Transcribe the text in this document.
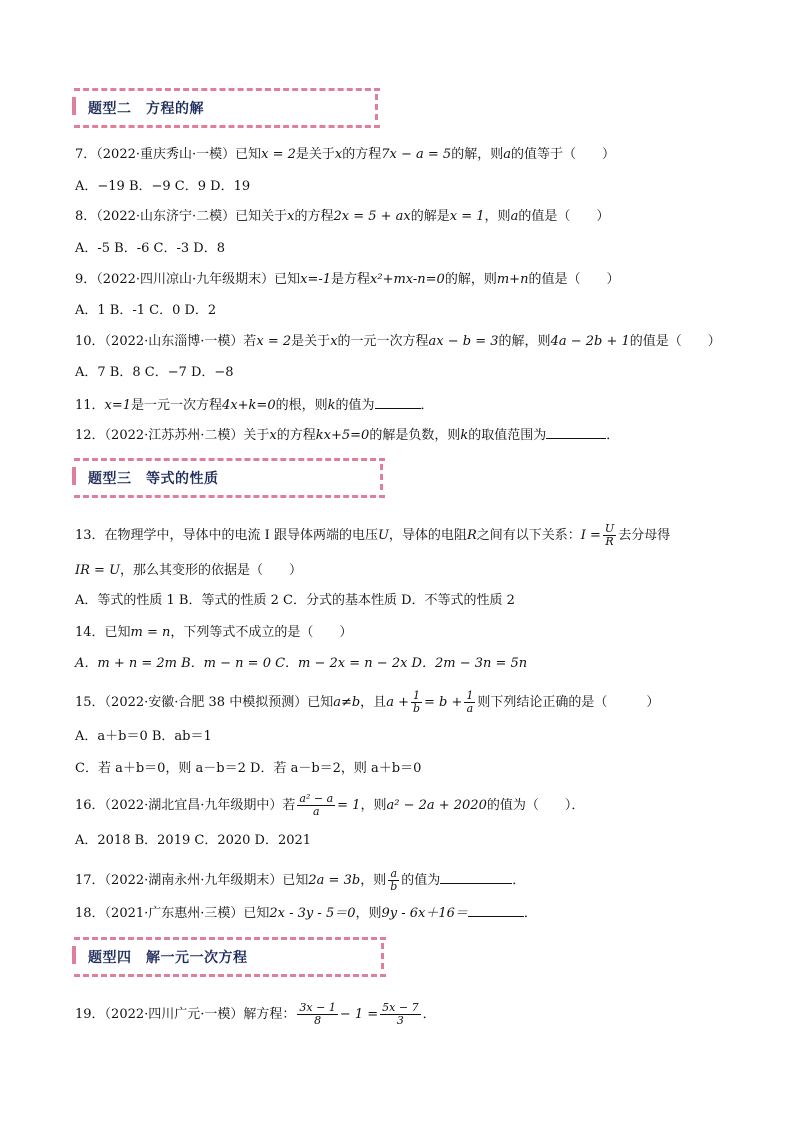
题型二　方程的解
7．（2022·重庆秀山·一模）已知x = 2是关于x的方程7x − a = 5的解，则a的值等于（　　）
A．−19 B．−9 C．9 D．19
8．（2022·山东济宁·二模）已知关于x的方程2x = 5 + ax的解是x = 1，则a的值是（　　）
A．-5 B．-6 C．-3 D．8
9．（2022·四川凉山·九年级期末）已知x=-1是方程x²+mx-n=0的解，则m+n的值是（　　）
A．1 B．-1 C．0 D．2
10．（2022·山东淄博·一模）若x = 2是关于x的一元一次方程ax − b = 3的解，则4a − 2b + 1的值是（　　）
A．7 B．8 C．−7 D．−8
11．x=1是一元一次方程4x+k=0的根，则k的值为	．
12．（2022·江苏苏州·二模）关于x的方程kx+5=0的解是负数，则k的取值范围为	．
题型三　等式的性质
13．在物理学中，导体中的电流 I 跟导体两端的电压U，导体的电阻R之间有以下关系：$I = \frac{U}{R}$ 去分母得
IR = U，那么其变形的依据是（　　）
A．等式的性质 1 B．等式的性质 2 C．分式的基本性质 D．不等式的性质 2
14．已知m = n，下列等式不成立的是（　　）
A．m + n = 2m B．m − n = 0 C．m − 2x = n − 2x D．2m − 3n = 5n
15．（2022·安徽·合肥 38 中模拟预测）已知a≠b，且$a + \frac{1}{b} = b + \frac{1}{a}$ 则下列结论正确的是（　　　）
A．a＋b＝0 B．ab＝1
C．若 a＋b＝0，则 a－b＝2 D．若 a－b＝2，则 a＋b＝0
16．（2022·湖北宜昌·九年级期中）若 $\frac{\text{a² − a}}{a} = 1$，则a² − 2a + 2020的值为（　　）．
A．2018 B．2019 C．2020 D．2021
17．（2022·湖南永州·九年级期末）已知2a = 3b，则 $\frac{a}{b}$ 的值为	．
18．（2021·广东惠州·三模）已知2x - 3y - 5＝0，则9y - 6x＋16＝	．
题型四　解一元一次方程
19．（2022·四川广元·一模）解方程： $\frac{3x - 1}{8} - 1 = \frac{5x - 7}{3}$ ．
